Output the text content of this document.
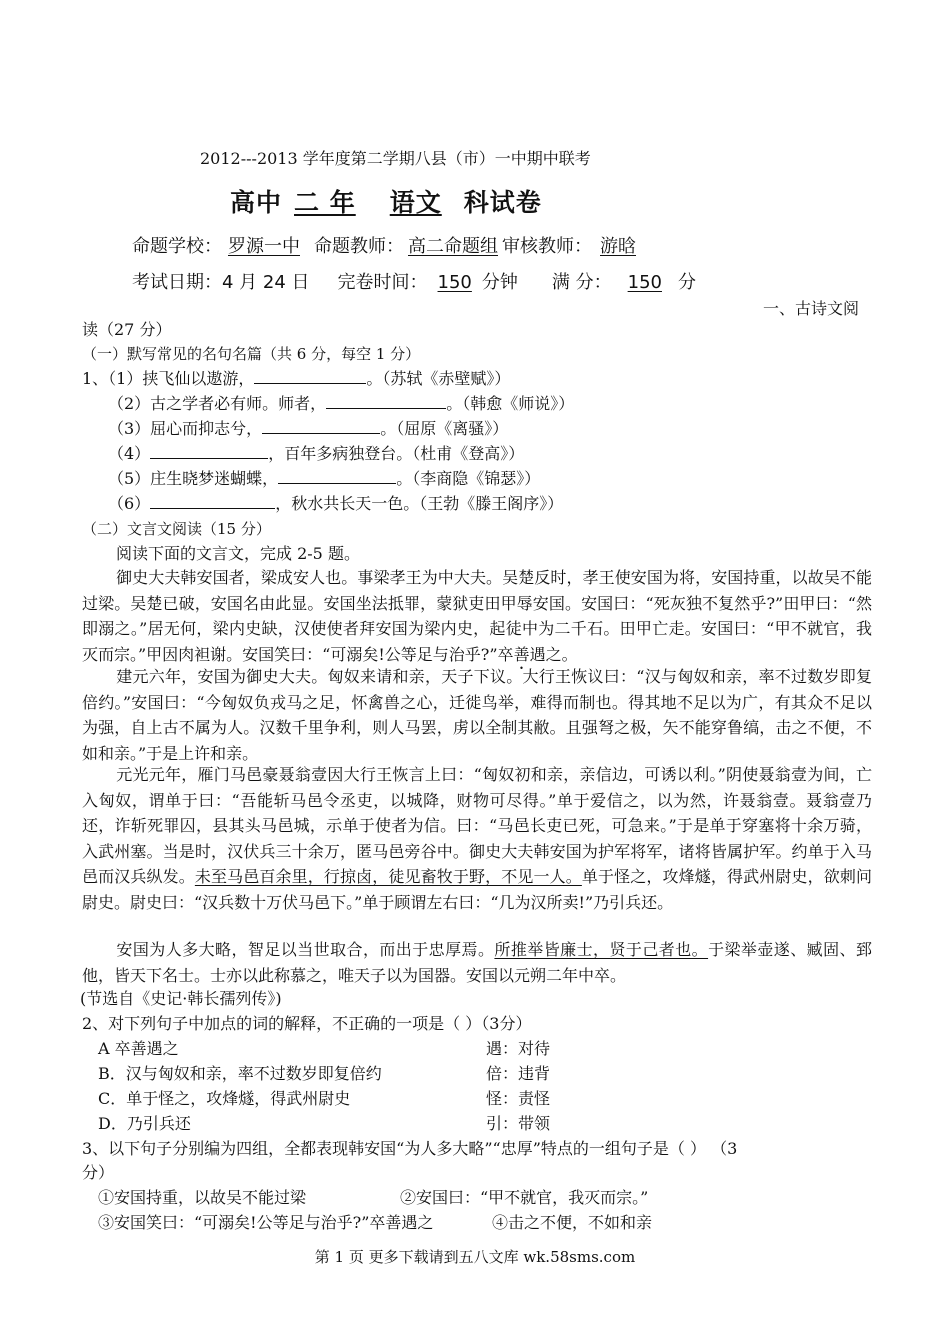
2012---2013 学年度第二学期八县（市）一中期中联考
高中 二 年 语文 科试卷
命题学校： 罗源一中 命题教师： 高二命题组 审核教师： 游晗
考试日期：4 月 24 日 完卷时间： 150 分钟 满 分： 150 分
一、古诗文阅
读（27 分）
（一）默写常见的名句名篇（共 6 分，每空 1 分）
1、（1）挟飞仙以遨游，	。（苏轼《赤壁赋》）
（2）古之学者必有师。师者，	。（韩愈《师说》）
（3）屈心而抑志兮，	。（屈原《离骚》）
（4）	，百年多病独登台。（杜甫《登高》）
（5）庄生晓梦迷蝴蝶，	。（李商隐《锦瑟》）
（6）	，秋水共长天一色。（王勃《滕王阁序》）
（二）文言文阅读（15 分）
阅读下面的文言文，完成 2-5 题。
御史大夫韩安国者，梁成安人也。事梁孝王为中大夫。吴楚反时，孝王使安国为将，安国持重，以故吴不能过梁。吴楚已破，安国名由此显。安国坐法抵罪，蒙狱吏田甲辱安国。安国曰：“死灰独不复然乎?”田甲曰：“然即溺之。”居无何，梁内史缺，汉使使者拜安国为梁内史，起徒中为二千石。田甲亡走。安国曰：“甲不就官，我灭而宗。”甲因肉袒谢。安国笑曰：“可溺矣!公等足与治乎?”卒善遇之。
建元六年，安国为御史大夫。匈奴来请和亲，天子下议。大行王恢议曰：“汉与匈奴和亲，率不过数岁即复倍约。”安国曰：“今匈奴负戎马之足，怀禽兽之心，迁徙鸟举，难得而制也。得其地不足以为广，有其众不足以为强，自上古不属为人。汉数千里争利，则人马罢，虏以全制其敝。且强弩之极，矢不能穿鲁缟，击之不便，不如和亲。”于是上许和亲。
元光元年，雁门马邑豪聂翁壹因大行王恢言上曰：“匈奴初和亲，亲信边，可诱以利。”阴使聂翁壹为间，亡入匈奴，谓单于曰：“吾能斩马邑令丞吏，以城降，财物可尽得。”单于爱信之，以为然，许聂翁壹。聂翁壹乃还，诈斩死罪囚，县其头马邑城，示单于使者为信。曰：“马邑长吏已死，可急来。”于是单于穿塞将十余万骑，入武州塞。当是时，汉伏兵三十余万，匿马邑旁谷中。御史大夫韩安国为护军将军，诸将皆属护军。约单于入马邑而汉兵纵发。未至马邑百余里，行掠卤，徒见畜牧于野，不见一人。单于怪之，攻烽燧，得武州尉史，欲刺问尉史。尉史曰：“汉兵数十万伏马邑下。”单于顾谓左右曰：“几为汉所卖!”乃引兵还。
安国为人多大略，智足以当世取合，而出于忠厚焉。所推举皆廉士，贤于己者也。于梁举壶遂、臧固、郅他，皆天下名士。士亦以此称慕之，唯天子以为国器。安国以元朔二年中卒。
(节选自《史记·韩长孺列传》)
2、对下列句子中加点的词的解释，不正确的一项是（ ）（3分）
A 卒善遇之	遇：对待
B．汉与匈奴和亲，率不过数岁即复倍约	倍：违背
C．单于怪之，攻烽燧，得武州尉史	怪：责怪
D．乃引兵还	引：带领
3、以下句子分别编为四组，全都表现韩安国“为人多大略”“忠厚”特点的一组句子是（ ） （3
分）
①安国持重，以故吴不能过梁	②安国曰：“甲不就官，我灭而宗。”
③安国笑曰：“可溺矣!公等足与治乎?”卒善遇之	④击之不便，不如和亲
第 1 页 更多下载请到五八文库 wk.58sms.com
